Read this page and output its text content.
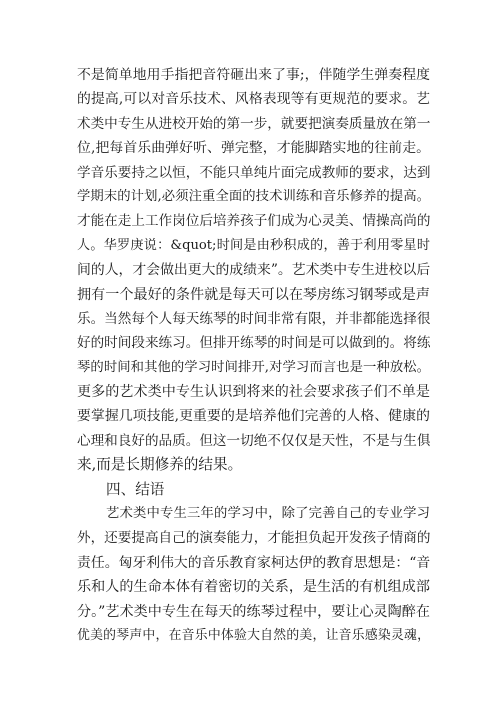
不是简单地用手指把音符砸出来了事;，伴随学生弹奏程度
的提高,可以对音乐技术、风格表现等有更规范的要求。艺
术类中专生从进校开始的第一步，就要把演奏质量放在第一
位,把每首乐曲弹好听、弹完整，才能脚踏实地的往前走。
学音乐要持之以恒，不能只单纯片面完成教师的要求，达到
学期末的计划,必须注重全面的技术训练和音乐修养的提高。
才能在走上工作岗位后培养孩子们成为心灵美、情操高尚的
人。华罗庚说：&quot;时间是由秒积成的，善于利用零星时
间的人，才会做出更大的成绩来”。艺术类中专生进校以后
拥有一个最好的条件就是每天可以在琴房练习钢琴或是声
乐。当然每个人每天练琴的时间非常有限，并非都能选择很
好的时间段来练习。但排开练琴的时间是可以做到的。将练
琴的时间和其他的学习时间排开,对学习而言也是一种放松。
更多的艺术类中专生认识到将来的社会要求孩子们不单是
要掌握几项技能,更重要的是培养他们完善的人格、健康的
心理和良好的品质。但这一切绝不仅仅是天性，不是与生俱
来,而是长期修养的结果。
四、结语
艺术类中专生三年的学习中，除了完善自己的专业学习
外，还要提高自己的演奏能力，才能担负起开发孩子情商的
责任。匈牙利伟大的音乐教育家柯达伊的教育思想是：“音
乐和人的生命本体有着密切的关系，是生活的有机组成部
分。”艺术类中专生在每天的练琴过程中，要让心灵陶醉在
优美的琴声中，在音乐中体验大自然的美，让音乐感染灵魂，
